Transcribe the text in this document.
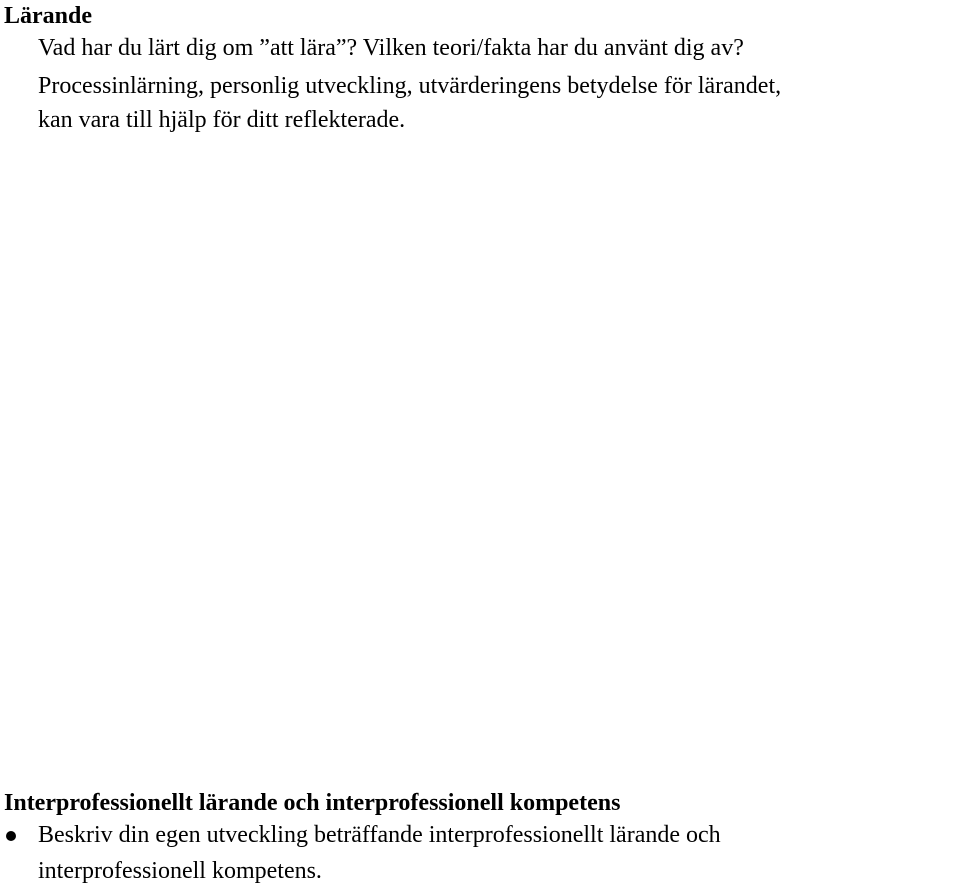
Lärande

Vad har du lärt dig om ”att lära”? Vilken teori/fakta har du använt dig av?

Processinlärning, personlig utveckling, utvärderingens betydelse för lärandet,

kan vara till hjälp för ditt reflekterade.

Interprofessionellt lärande och interprofessionell kompetens
Beskriv din egen utveckling beträffande interprofessionellt lärande och
interprofessionell kompetens.
